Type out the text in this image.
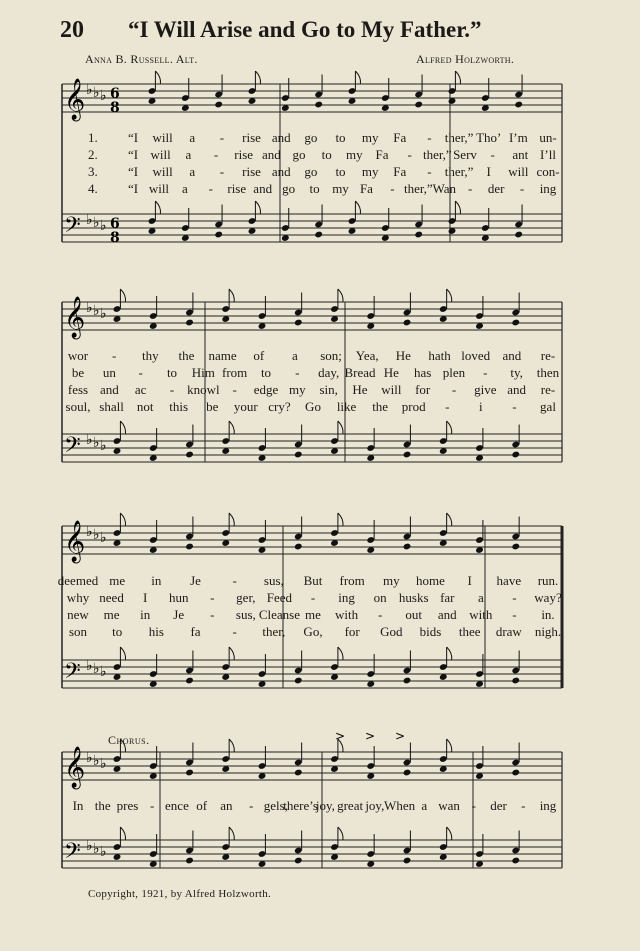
𝄞 ♭ ♭ ♭ 6
8
𝄢 ♭ ♭ ♭ 6
8
𝄞 ♭ ♭ ♭
𝄢 ♭ ♭ ♭
𝄞 ♭ ♭ ♭
𝄢 ♭ ♭ ♭
𝄞 ♭ ♭ ♭
𝄢 ♭ ♭ ♭
> > >
20 “I Will Arise and Go to My Father.”
Anna B. Russell. Alt.	Alfred Holzworth.
1. “I will a - rise and go to my Fa - ther,” Tho’ I’m un-
2. “I will a - rise and go to my Fa - ther,” Serv - ant I’ll
3. “I will a - rise and go to my Fa - ther,” I will con-
4. “I will a - rise and go to my Fa - ther,” Wan - der - ing
wor - thy the name of a son; Yea, He hath loved and re-
be un - to Him from to - day, Bread He has plen - ty, then
fess and ac - knowl - edge my sin, He will for - give and re-
soul, shall not this be your cry? Go like the prod - i - gal
deemed me in Je - sus, But from my home I have run.
why need I hun - ger, Feed - ing on husks far a - way?
new me in Je - sus, Cleanse me with - out and with - in.
son to his fa - ther, Go, for God bids thee draw nigh.
Chorus.
In the pres - ence of an - gels,
there’s
joy, great joy, When a wan - der - ing
Copyright, 1921, by Alfred Holzworth.
